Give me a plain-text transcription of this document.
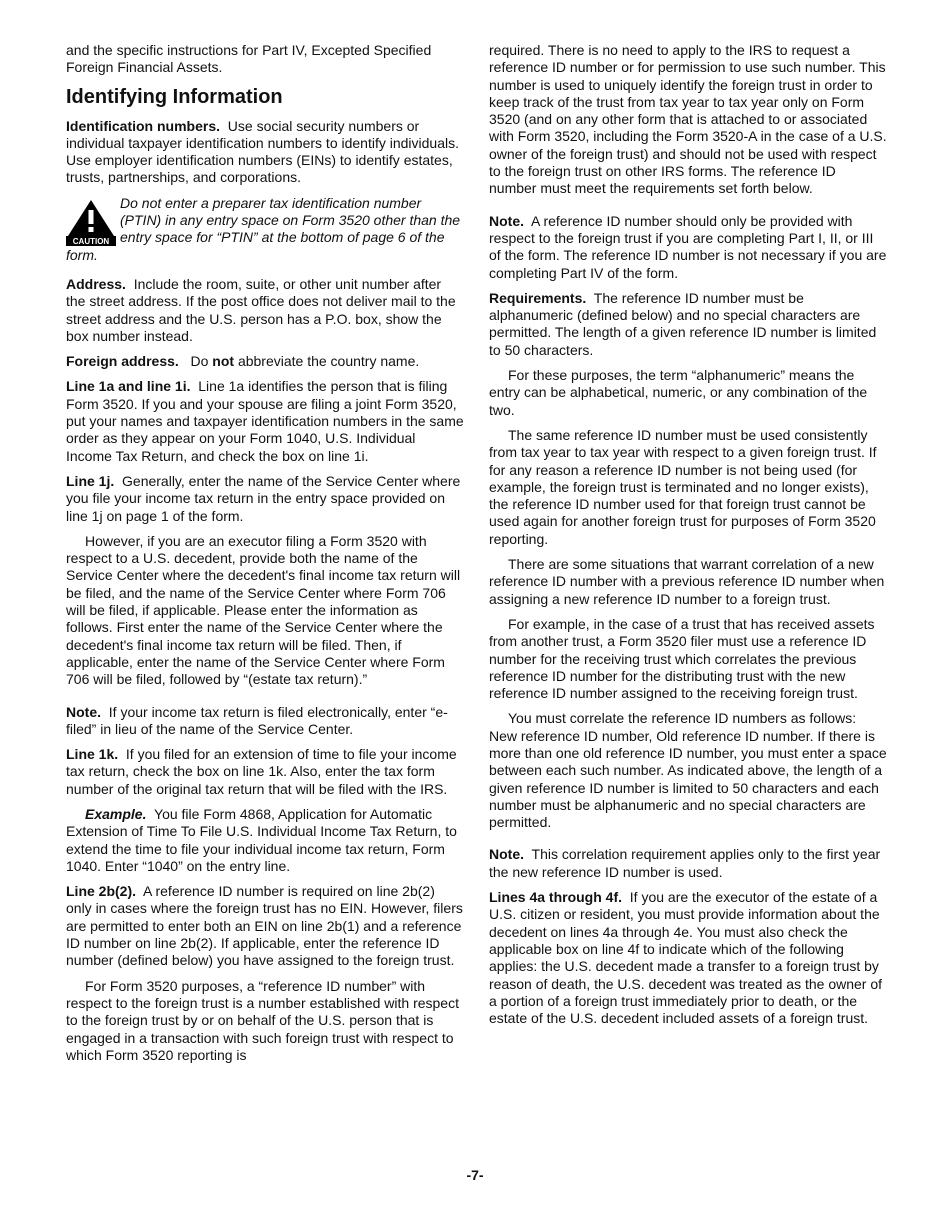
and the specific instructions for Part IV, Excepted Specified Foreign Financial Assets.

Identifying Information

Identification numbers. Use social security numbers or individual taxpayer identification numbers to identify individuals. Use employer identification numbers (EINs) to identify estates, trusts, partnerships, and corporations.

CAUTION
Do not enter a preparer tax identification number (PTIN) in any entry space on Form 3520 other than the entry space for “PTIN” at the bottom of page 6 of the form.

Address. Include the room, suite, or other unit number after the street address. If the post office does not deliver mail to the street address and the U.S. person has a P.O. box, show the box number instead.

Foreign address. Do not abbreviate the country name.

Line 1a and line 1i. Line 1a identifies the person that is filing Form 3520. If you and your spouse are filing a joint Form 3520, put your names and taxpayer identification numbers in the same order as they appear on your Form 1040, U.S. Individual Income Tax Return, and check the box on line 1i.

Line 1j. Generally, enter the name of the Service Center where you file your income tax return in the entry space provided on line 1j on page 1 of the form.

However, if you are an executor filing a Form 3520 with respect to a U.S. decedent, provide both the name of the Service Center where the decedent's final income tax return will be filed, and the name of the Service Center where Form 706 will be filed, if applicable. Please enter the information as follows. First enter the name of the Service Center where the decedent's final income tax return will be filed. Then, if applicable, enter the name of the Service Center where Form 706 will be filed, followed by “(estate tax return).”

Note. If your income tax return is filed electronically, enter “e-filed” in lieu of the name of the Service Center.

Line 1k. If you filed for an extension of time to file your income tax return, check the box on line 1k. Also, enter the tax form number of the original tax return that will be filed with the IRS.

Example. You file Form 4868, Application for Automatic Extension of Time To File U.S. Individual Income Tax Return, to extend the time to file your individual income tax return, Form 1040. Enter “1040” on the entry line.

Line 2b(2). A reference ID number is required on line 2b(2) only in cases where the foreign trust has no EIN. However, filers are permitted to enter both an EIN on line 2b(1) and a reference ID number on line 2b(2). If applicable, enter the reference ID number (defined below) you have assigned to the foreign trust.

For Form 3520 purposes, a “reference ID number” with respect to the foreign trust is a number established with respect to the foreign trust by or on behalf of the U.S. person that is engaged in a transaction with such foreign trust with respect to which Form 3520 reporting is

required. There is no need to apply to the IRS to request a reference ID number or for permission to use such number. This number is used to uniquely identify the foreign trust in order to keep track of the trust from tax year to tax year only on Form 3520 (and on any other form that is attached to or associated with Form 3520, including the Form 3520-A in the case of a U.S. owner of the foreign trust) and should not be used with respect to the foreign trust on other IRS forms. The reference ID number must meet the requirements set forth below.

Note. A reference ID number should only be provided with respect to the foreign trust if you are completing Part I, II, or III of the form. The reference ID number is not necessary if you are completing Part IV of the form.

Requirements. The reference ID number must be alphanumeric (defined below) and no special characters are permitted. The length of a given reference ID number is limited to 50 characters.

For these purposes, the term “alphanumeric” means the entry can be alphabetical, numeric, or any combination of the two.

The same reference ID number must be used consistently from tax year to tax year with respect to a given foreign trust. If for any reason a reference ID number is not being used (for example, the foreign trust is terminated and no longer exists), the reference ID number used for that foreign trust cannot be used again for another foreign trust for purposes of Form 3520 reporting.

There are some situations that warrant correlation of a new reference ID number with a previous reference ID number when assigning a new reference ID number to a foreign trust.

For example, in the case of a trust that has received assets from another trust, a Form 3520 filer must use a reference ID number for the receiving trust which correlates the previous reference ID number for the distributing trust with the new reference ID number assigned to the receiving foreign trust.

You must correlate the reference ID numbers as follows: New reference ID number, Old reference ID number. If there is more than one old reference ID number, you must enter a space between each such number. As indicated above, the length of a given reference ID number is limited to 50 characters and each number must be alphanumeric and no special characters are permitted.

Note. This correlation requirement applies only to the first year the new reference ID number is used.

Lines 4a through 4f. If you are the executor of the estate of a U.S. citizen or resident, you must provide information about the decedent on lines 4a through 4e. You must also check the applicable box on line 4f to indicate which of the following applies: the U.S. decedent made a transfer to a foreign trust by reason of death, the U.S. decedent was treated as the owner of a portion of a foreign trust immediately prior to death, or the estate of the U.S. decedent included assets of a foreign trust.

-7-
